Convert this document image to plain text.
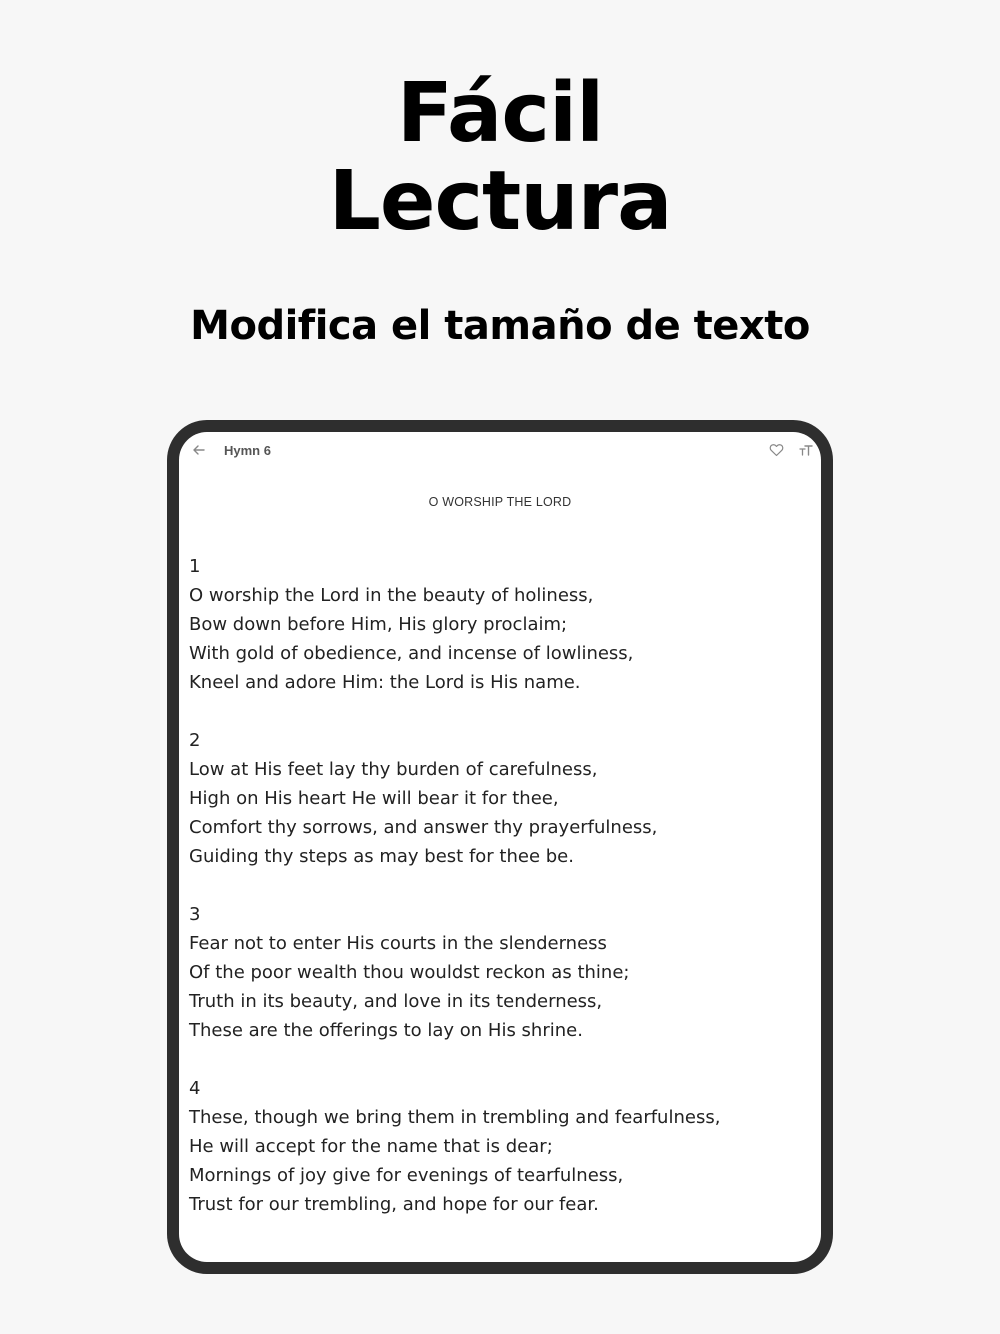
Fácil
Lectura
Modifica el tamaño de texto
Hymn 6
O WORSHIP THE LORD
1
O worship the Lord in the beauty of holiness,
Bow down before Him, His glory proclaim;
With gold of obedience, and incense of lowliness,
Kneel and adore Him: the Lord is His name.
2
Low at His feet lay thy burden of carefulness,
High on His heart He will bear it for thee,
Comfort thy sorrows, and answer thy prayerfulness,
Guiding thy steps as may best for thee be.
3
Fear not to enter His courts in the slenderness
Of the poor wealth thou wouldst reckon as thine;
Truth in its beauty, and love in its tenderness,
These are the offerings to lay on His shrine.
4
These, though we bring them in trembling and fearfulness,
He will accept for the name that is dear;
Mornings of joy give for evenings of tearfulness,
Trust for our trembling, and hope for our fear.
